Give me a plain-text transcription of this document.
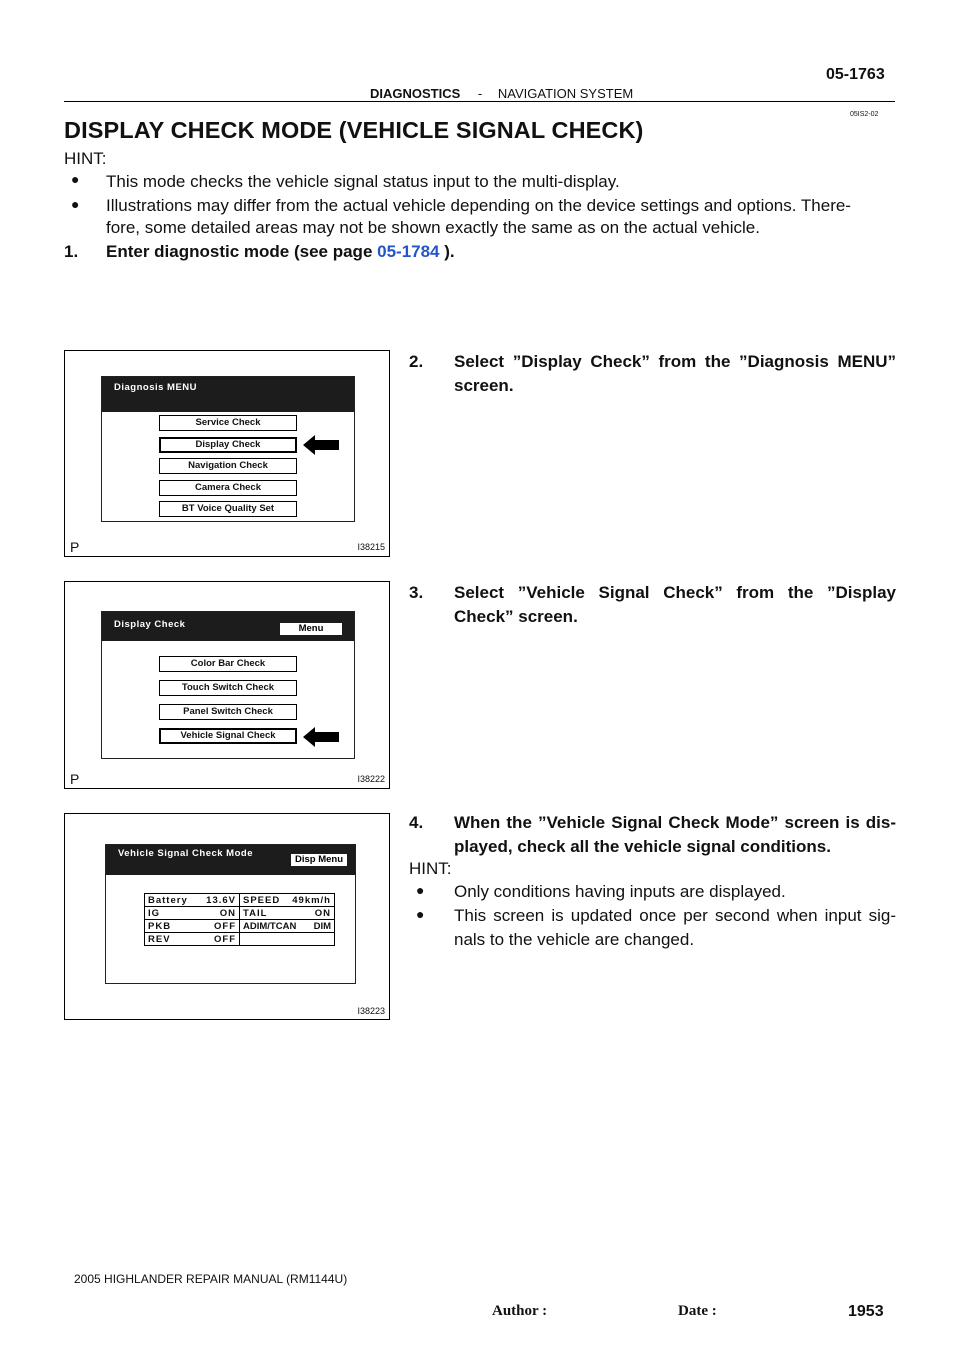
05-1763
DIAGNOSTICS - NAVIGATION SYSTEM
05IS2-02
DISPLAY CHECK MODE (VEHICLE SIGNAL CHECK)
HINT:
● This mode checks the vehicle signal status input to the multi-display.
● Illustrations may differ from the actual vehicle depending on the device settings and options. There-
fore, some detailed areas may not be shown exactly the same as on the actual vehicle.
1. Enter diagnostic mode (see page 05-1784 ).
Diagnosis MENU
Service Check
Display Check
Navigation Check
Camera Check
BT Voice Quality Set
P	I38215
2. Select ”Display Check” from the ”Diagnosis MENU”
screen.
Display Check	Menu
Color Bar Check
Touch Switch Check
Panel Switch Check
Vehicle Signal Check
P	I38222
3. Select ”Vehicle Signal Check” from the ”Display
Check” screen.
Vehicle Signal Check Mode
Disp Menu
Battery 13.6V	SPEED 49km/h

IG ON	TAIL ON

PKB OFF	ADIM/TCAN DIM

REV OFF	

I38223
4. When the ”Vehicle Signal Check Mode” screen is dis-
played, check all the vehicle signal conditions.
HINT:
● Only conditions having inputs are displayed.
● This screen is updated once per second when input sig-
nals to the vehicle are changed.
2005 HIGHLANDER REPAIR MANUAL (RM1144U)
Author :	Date :	1953
